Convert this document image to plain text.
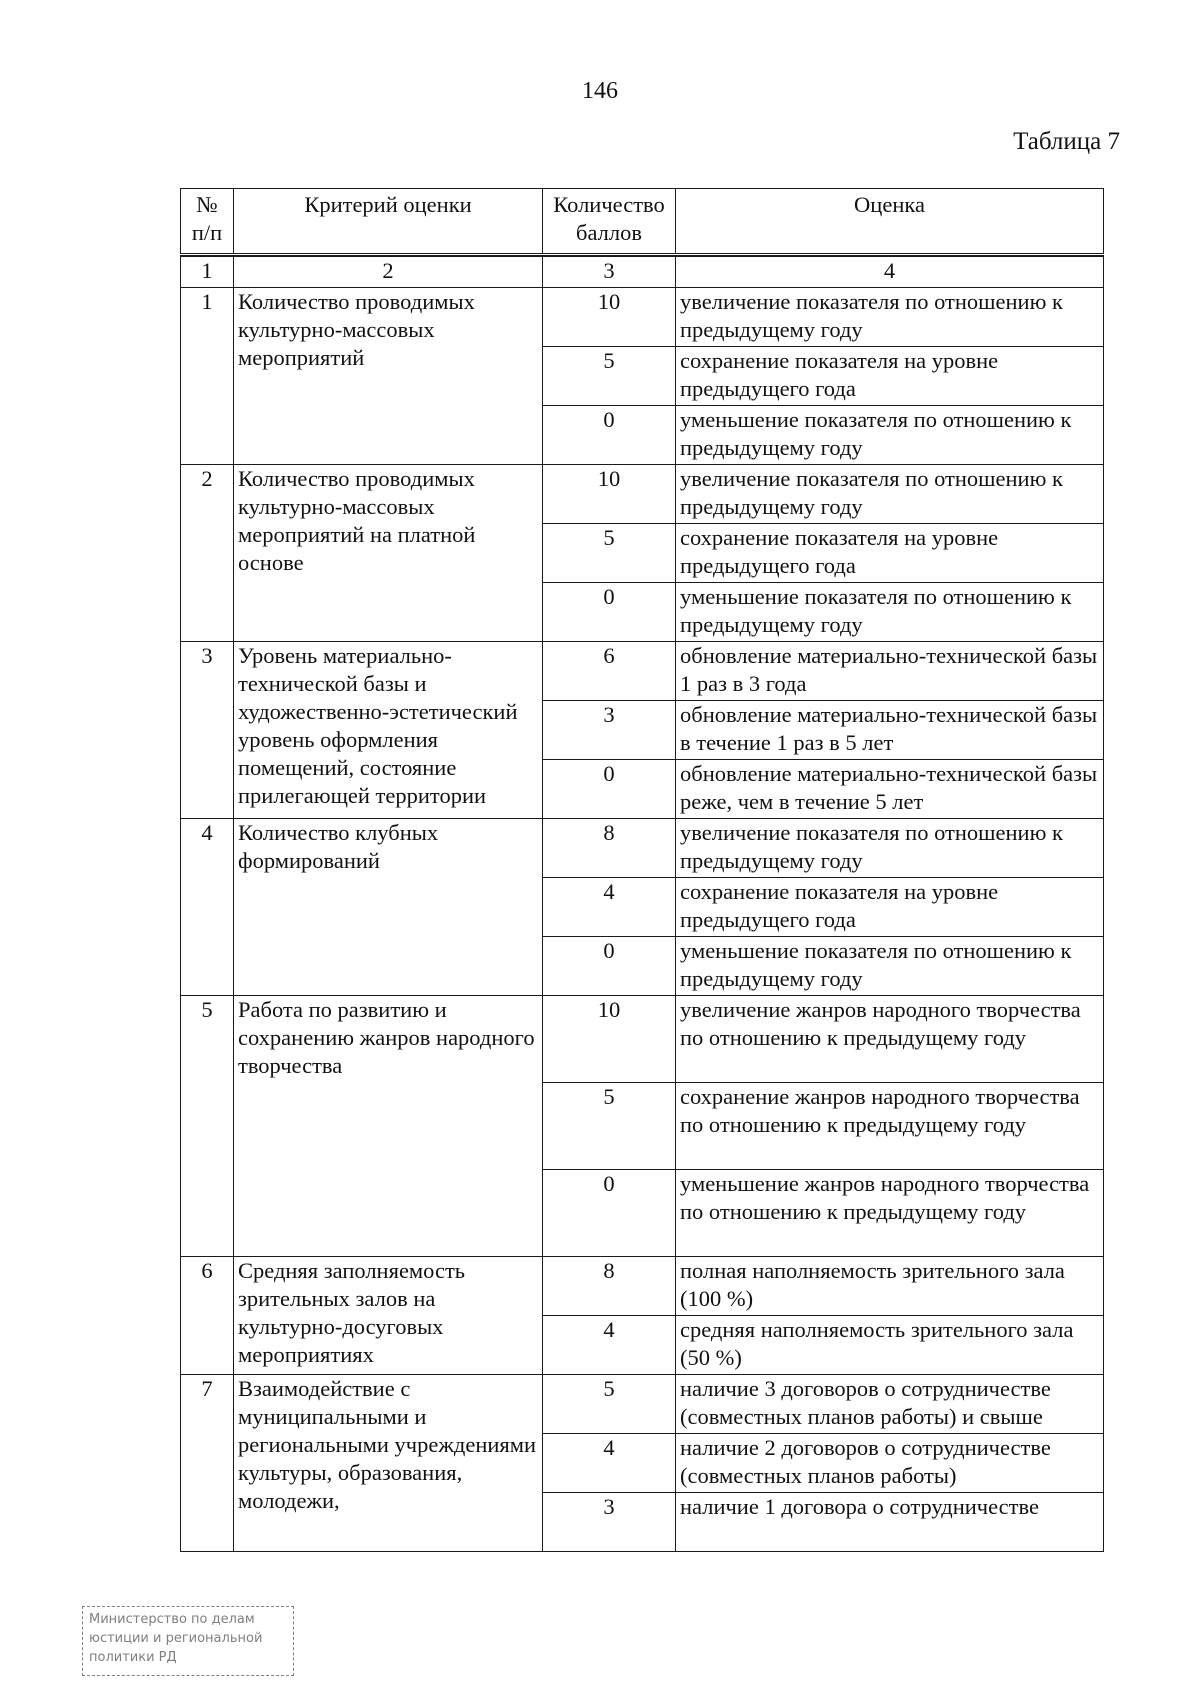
146
Таблица 7
№ п/п	Критерий оценки	Количество баллов	Оценка

1	2	3	4
1	Количество проводимых культурно-массовых мероприятий	10	увеличение показателя по отношению к предыдущему году
		5	сохранение показателя на уровне предыдущего года
		0	уменьшение показателя по отношению к предыдущему году
2	Количество проводимых культурно-массовых мероприятий на платной основе	10	увеличение показателя по отношению к предыдущему году
		5	сохранение показателя на уровне предыдущего года
		0	уменьшение показателя по отношению к предыдущему году
3	Уровень материально-технической базы и художественно-эстетический уровень оформления помещений, состояние прилегающей территории	6	обновление материально-технической базы 1 раз в 3 года
		3	обновление материально-технической базы в течение 1 раз в 5 лет
		0	обновление материально-технической базы реже, чем в течение 5 лет
4	Количество клубных формирований	8	увеличение показателя по отношению к предыдущему году
		4	сохранение показателя на уровне предыдущего года
		0	уменьшение показателя по отношению к предыдущему году
5	Работа по развитию и сохранению жанров народного творчества	10	увеличение жанров народного творчества по отношению к предыдущему году
		5	сохранение жанров народного творчества по отношению к предыдущему году
		0	уменьшение жанров народного творчества по отношению к предыдущему году
6	Средняя заполняемость зрительных залов на культурно-досуговых мероприятиях	8	полная наполняемость зрительного зала (100 %)
		4	средняя наполняемость зрительного зала (50 %)
7	Взаимодействие с муниципальными и региональными учреждениями культуры, образования, молодежи,	5	наличие 3 договоров о сотрудничестве (совместных планов работы) и свыше
		4	наличие 2 договоров о сотрудничестве (совместных планов работы)
		3	наличие 1 договора о сотрудничестве
Министерство по делам
юстиции и региональной
политики РД
